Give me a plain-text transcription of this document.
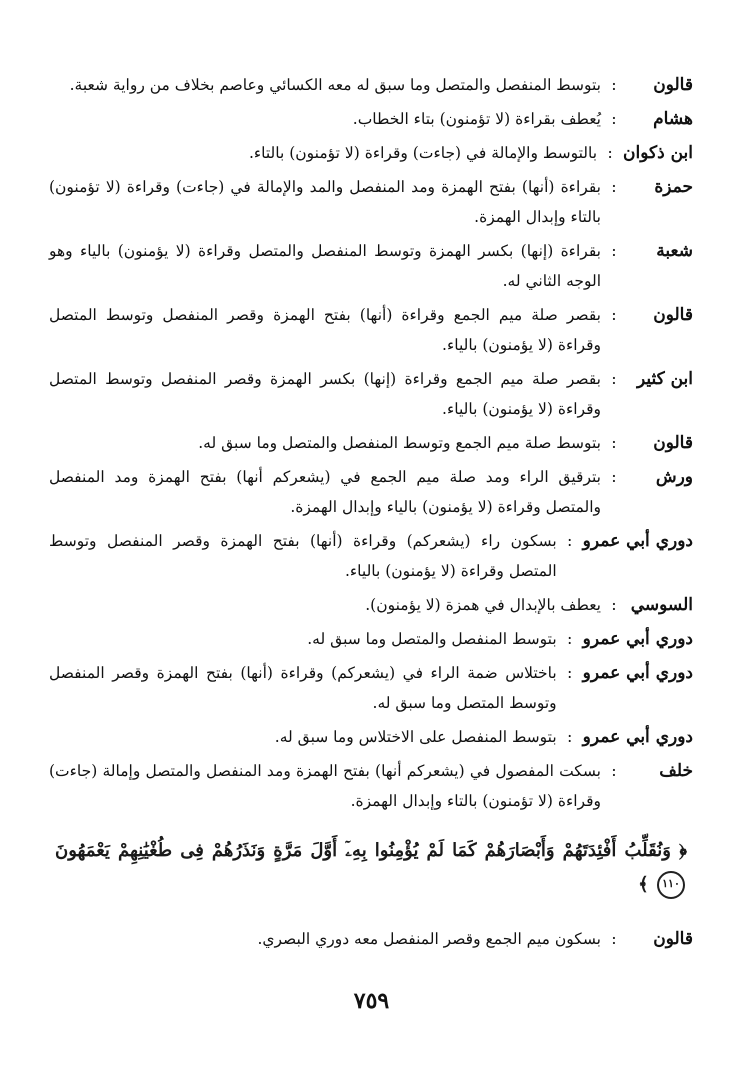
قالون
:
بتوسط المنفصل والمتصل وما سبق له معه الكسائي وعاصم بخلاف من رواية شعبة.
هشام
:
يُعطف بقراءة (لا تؤمنون) بتاء الخطاب.
ابن ذكوان
:
بالتوسط والإمالة في (جاءت) وقراءة (لا تؤمنون) بالتاء.
حمزة
:
بقراءة (أنها) بفتح الهمزة ومد المنفصل والمد والإمالة في (جاءت) وقراءة (لا تؤمنون) بالتاء وإبدال الهمزة.
شعبة
:
بقراءة (إنها) بكسر الهمزة وتوسط المنفصل والمتصل وقراءة (لا يؤمنون) بالياء وهو الوجه الثاني له.
قالون
:
بقصر صلة ميم الجمع وقراءة (أنها) بفتح الهمزة وقصر المنفصل وتوسط المتصل وقراءة (لا يؤمنون) بالياء.
ابن كثير
:
بقصر صلة ميم الجمع وقراءة (إنها) بكسر الهمزة وقصر المنفصل وتوسط المتصل وقراءة (لا يؤمنون) بالياء.
قالون
:
بتوسط صلة ميم الجمع وتوسط المنفصل والمتصل وما سبق له.
ورش
:
بترقيق الراء ومد صلة ميم الجمع في (يشعركم أنها) بفتح الهمزة ومد المنفصل والمتصل وقراءة (لا يؤمنون) بالياء وإبدال الهمزة.
دوري أبي عمرو
:
بسكون راء (يشعركم) وقراءة (أنها) بفتح الهمزة وقصر المنفصل وتوسط المتصل وقراءة (لا يؤمنون) بالياء.
السوسي
:
يعطف بالإبدال في همزة (لا يؤمنون).
دوري أبي عمرو
:
بتوسط المنفصل والمتصل وما سبق له.
دوري أبي عمرو
:
باختلاس ضمة الراء في (يشعركم) وقراءة (أنها) بفتح الهمزة وقصر المنفصل وتوسط المتصل وما سبق له.
دوري أبي عمرو
:
بتوسط المنفصل على الاختلاس وما سبق له.
خلف
:
بسكت المفصول في (يشعركم أنها) بفتح الهمزة ومد المنفصل والمتصل وإمالة (جاءت) وقراءة (لا تؤمنون) بالتاء وإبدال الهمزة.
﴿ وَنُقَلِّبُ أَفْئِدَتَهُمْ وَأَبْصَارَهُمْ كَمَا لَمْ يُؤْمِنُوا بِهِۦٓ أَوَّلَ مَرَّةٍ وَنَذَرُهُمْ فِى طُغْيَٰنِهِمْ يَعْمَهُونَ ١١٠ ﴾
قالون
:
بسكون ميم الجمع وقصر المنفصل معه دوري البصري.
٧٥٩
